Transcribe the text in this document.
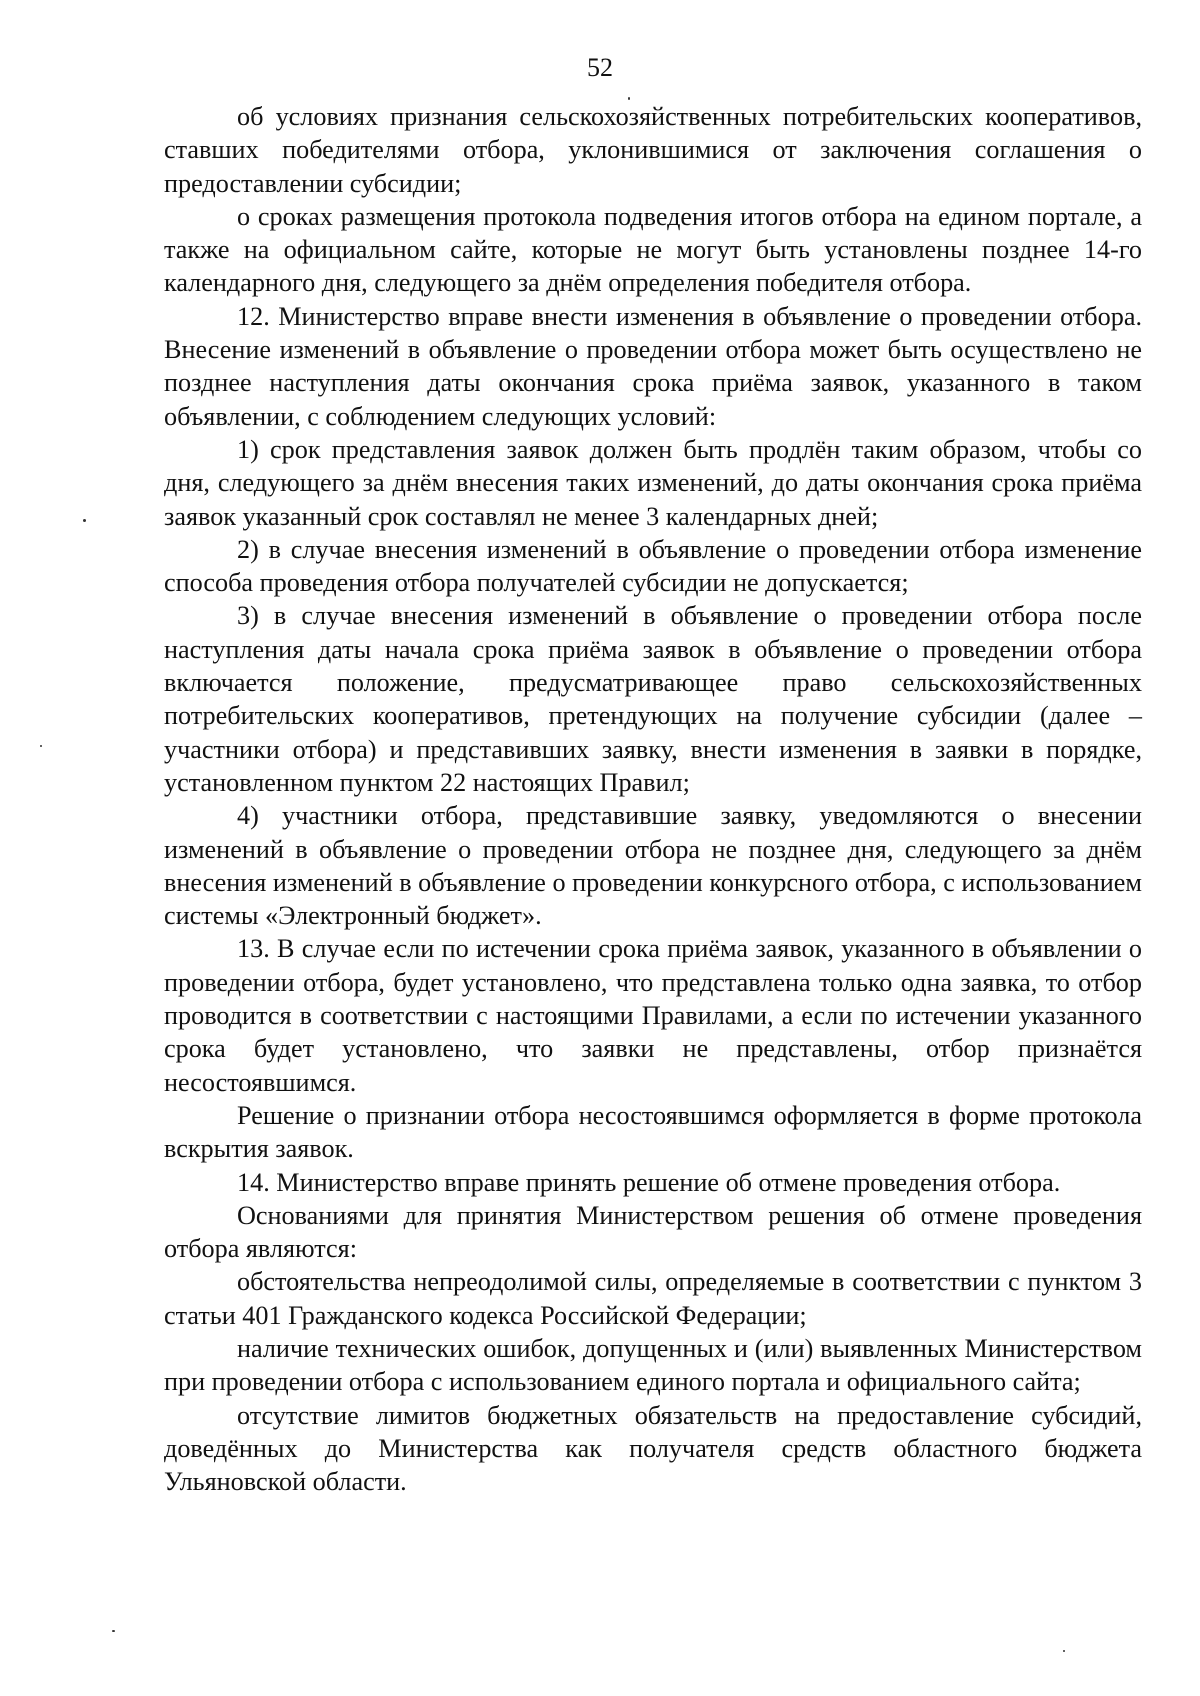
52

об условиях признания сельскохозяйственных потребительских кооперативов, ставших победителями отбора, уклонившимися от заключения соглашения о предоставлении субсидии;

о сроках размещения протокола подведения итогов отбора на едином портале, а также на официальном сайте, которые не могут быть установлены позднее 14-го календарного дня, следующего за днём определения победителя отбора.

12. Министерство вправе внести изменения в объявление о проведении отбора. Внесение изменений в объявление о проведении отбора может быть осуществлено не позднее наступления даты окончания срока приёма заявок, указанного в таком объявлении, с соблюдением следующих условий:

1) срок представления заявок должен быть продлён таким образом, чтобы со дня, следующего за днём внесения таких изменений, до даты окончания срока приёма заявок указанный срок составлял не менее 3 календарных дней;

2) в случае внесения изменений в объявление о проведении отбора изменение способа проведения отбора получателей субсидии не допускается;

3) в случае внесения изменений в объявление о проведении отбора после наступления даты начала срока приёма заявок в объявление о проведении отбора включается положение, предусматривающее право сельскохозяйственных потребительских кооперативов, претендующих на получение субсидии (далее – участники отбора) и представивших заявку, внести изменения в заявки в порядке, установленном пунктом 22 настоящих Правил;

4) участники отбора, представившие заявку, уведомляются о внесении изменений в объявление о проведении отбора не позднее дня, следующего за днём внесения изменений в объявление о проведении конкурсного отбора, с использованием системы «Электронный бюджет».

13. В случае если по истечении срока приёма заявок, указанного в объявлении о проведении отбора, будет установлено, что представлена только одна заявка, то отбор проводится в соответствии с настоящими Правилами, а если по истечении указанного срока будет установлено, что заявки не представлены, отбор признаётся несостоявшимся.

Решение о признании отбора несостоявшимся оформляется в форме протокола вскрытия заявок.

14. Министерство вправе принять решение об отмене проведения отбора.

Основаниями для принятия Министерством решения об отмене проведения отбора являются:

обстоятельства непреодолимой силы, определяемые в соответствии с пунктом 3 статьи 401 Гражданского кодекса Российской Федерации;

наличие технических ошибок, допущенных и (или) выявленных Министерством при проведении отбора с использованием единого портала и официального сайта;

отсутствие лимитов бюджетных обязательств на предоставление субсидий, доведённых до Министерства как получателя средств областного бюджета Ульяновской области.
